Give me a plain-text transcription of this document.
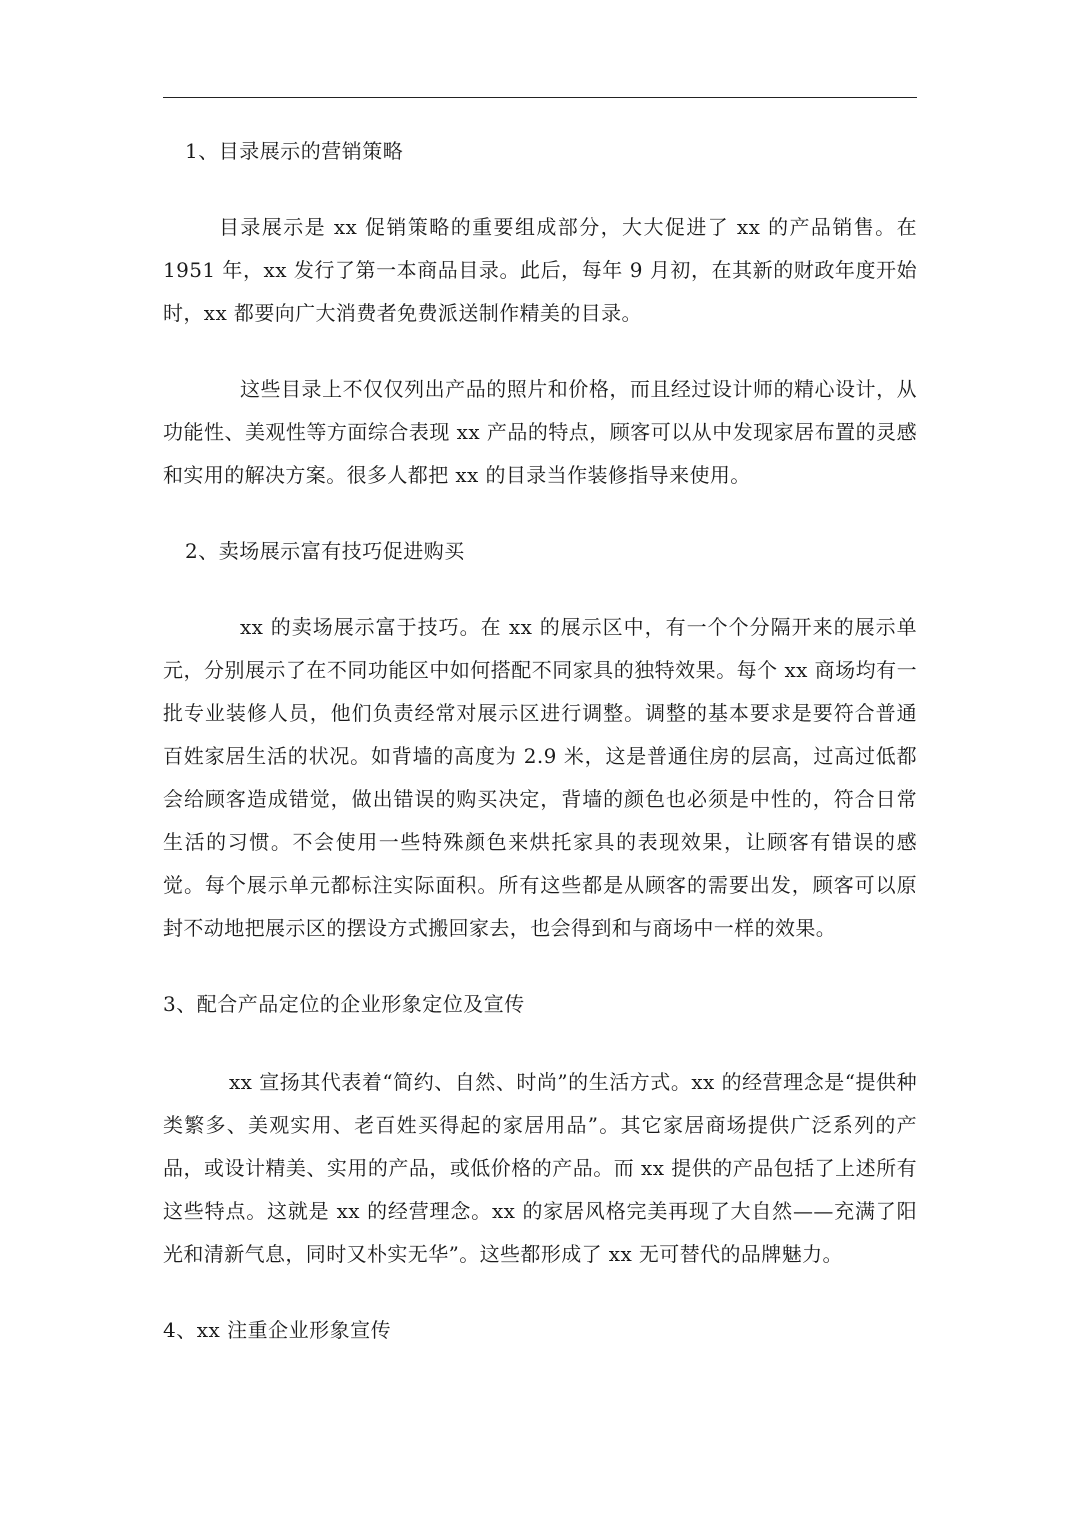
1、目录展示的营销策略

目录展示是 xx 促销策略的重要组成部分，大大促进了 xx 的产品销售。在 1951 年，xx 发行了第一本商品目录。此后，每年 9 月初，在其新的财政年度开始时，xx 都要向广大消费者免费派送制作精美的目录。

这些目录上不仅仅列出产品的照片和价格，而且经过设计师的精心设计，从功能性、美观性等方面综合表现 xx 产品的特点，顾客可以从中发现家居布置的灵感和实用的解决方案。很多人都把 xx 的目录当作装修指导来使用。

2、卖场展示富有技巧促进购买

xx 的卖场展示富于技巧。在 xx 的展示区中，有一个个分隔开来的展示单元，分别展示了在不同功能区中如何搭配不同家具的独特效果。每个 xx 商场均有一批专业装修人员，他们负责经常对展示区进行调整。调整的基本要求是要符合普通百姓家居生活的状况。如背墙的高度为 2.9 米，这是普通住房的层高，过高过低都会给顾客造成错觉，做出错误的购买决定，背墙的颜色也必须是中性的，符合日常生活的习惯。不会使用一些特殊颜色来烘托家具的表现效果，让顾客有错误的感觉。每个展示单元都标注实际面积。所有这些都是从顾客的需要出发，顾客可以原封不动地把展示区的摆设方式搬回家去，也会得到和与商场中一样的效果。

3、配合产品定位的企业形象定位及宣传

xx 宣扬其代表着“简约、自然、时尚”的生活方式。xx 的经营理念是“提供种类繁多、美观实用、老百姓买得起的家居用品”。其它家居商场提供广泛系列的产品，或设计精美、实用的产品，或低价格的产品。而 xx 提供的产品包括了上述所有这些特点。这就是 xx 的经营理念。xx 的家居风格完美再现了大自然——充满了阳光和清新气息，同时又朴实无华”。这些都形成了 xx 无可替代的品牌魅力。

4、xx 注重企业形象宣传
